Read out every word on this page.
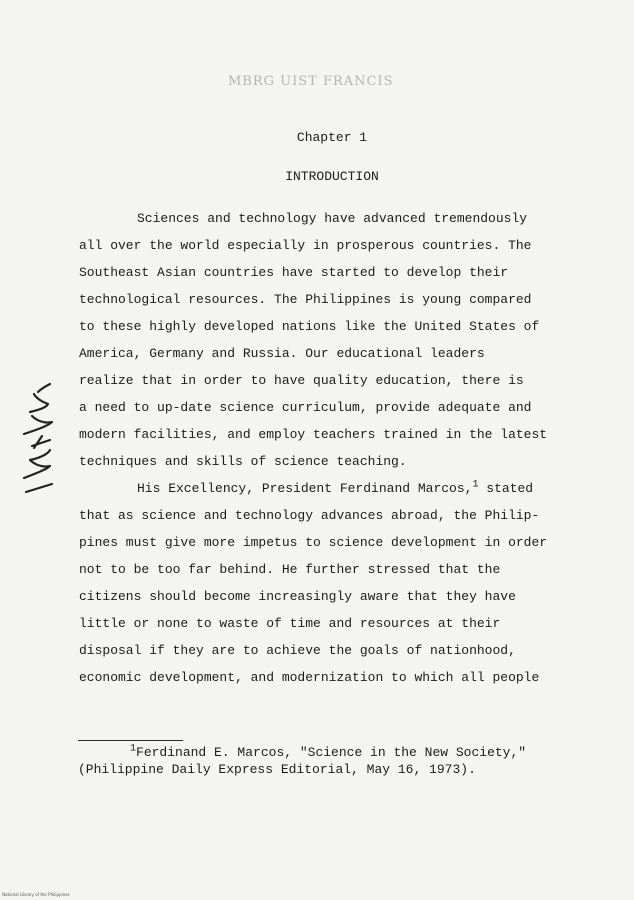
MBRG UIST FRANCIS
Chapter 1
INTRODUCTION
Sciences and technology have advanced tremendously
all over the world especially in prosperous countries. The
Southeast Asian countries have started to develop their
technological resources. The Philippines is young compared
to these highly developed nations like the United States of
America, Germany and Russia. Our educational leaders
realize that in order to have quality education, there is
a need to up-date science curriculum, provide adequate and
modern facilities, and employ teachers trained in the latest
techniques and skills of science teaching.
His Excellency, President Ferdinand Marcos,$^1$ stated
that as science and technology advances abroad, the Philip-
pines must give more impetus to science development in order
not to be too far behind. He further stressed that the
citizens should become increasingly aware that they have
little or none to waste of time and resources at their
disposal if they are to achieve the goals of nationhood,
economic development, and modernization to which all people
$^1$Ferdinand E. Marcos, "Science in the New Society,"
(Philippine Daily Express Editorial, May 16, 1973).
National Library of the Philippines
